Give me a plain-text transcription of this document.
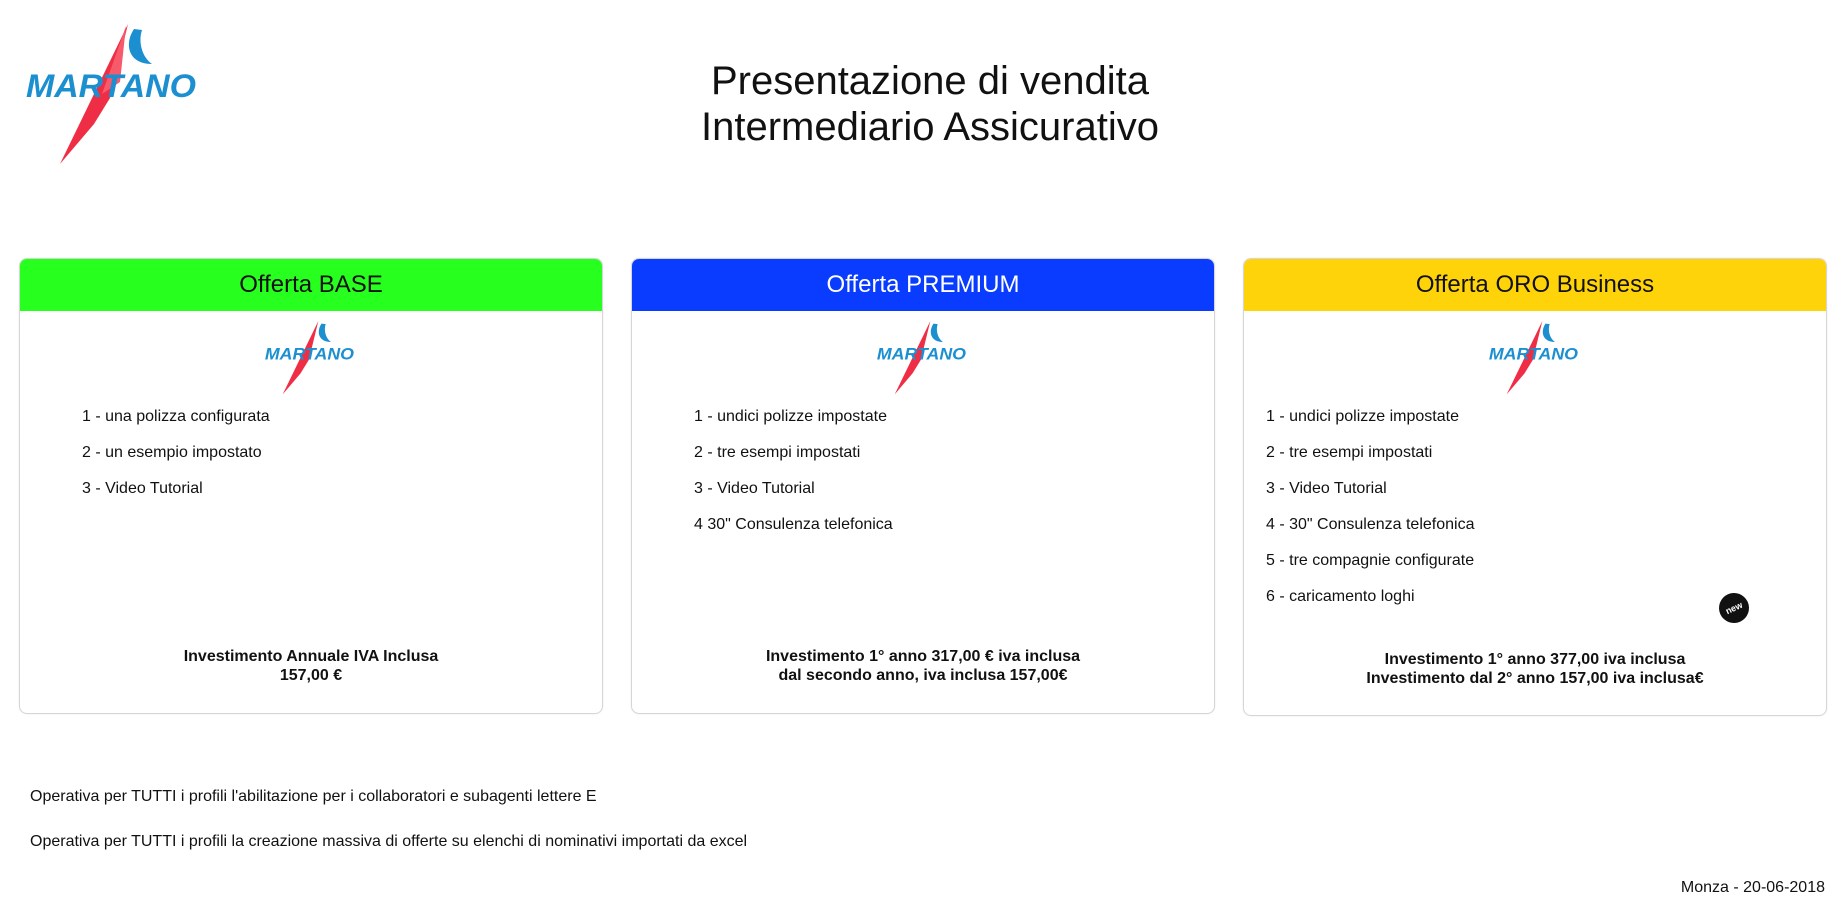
MARTANO	Presentazione di vendita
Intermediario Assicurativo
Offerta BASE
MARTANO
1 - una polizza configurata
2 - un esempio impostato
3 - Video Tutorial
Investimento Annuale IVA Inclusa
157,00 €
Offerta PREMIUM
MARTANO
1 - undici polizze impostate
2 - tre esempi impostati
3 - Video Tutorial
4 30" Consulenza telefonica
Investimento 1° anno 317,00 € iva inclusa
dal secondo anno, iva inclusa 157,00€
Offerta ORO Business
MARTANO
1 - undici polizze impostate
2 - tre esempi impostati
3 - Video Tutorial
4 - 30" Consulenza telefonica
5 - tre compagnie configurate
6 - caricamento loghi
new
Investimento 1° anno 377,00 iva inclusa
Investimento dal 2° anno 157,00 iva inclusa€
Operativa per TUTTI i profili l'abilitazione per i collaboratori e subagenti lettere E
Operativa per TUTTI i profili la creazione massiva di offerte su elenchi di nominativi importati da excel
Monza - 20-06-2018
